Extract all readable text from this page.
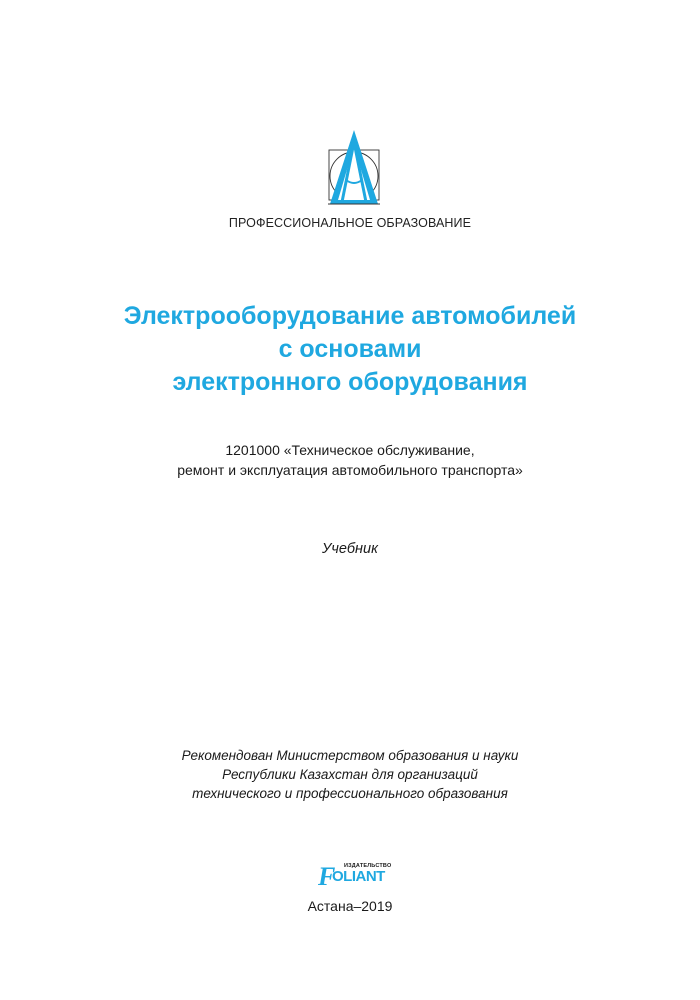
ПРОФЕССИОНАЛЬНОЕ ОБРАЗОВАНИЕ
Электрооборудование автомобилей
с основами
электронного оборудования
1201000 «Техническое обслуживание,
ремонт и эксплуатация автомобильного транспорта»
Учебник
Рекомендован Министерством образования и науки
Республики Казахстан для организаций
технического и профессионального образования
F ИЗДАТЕЛЬСТВО
OLIANT
Астана–2019
